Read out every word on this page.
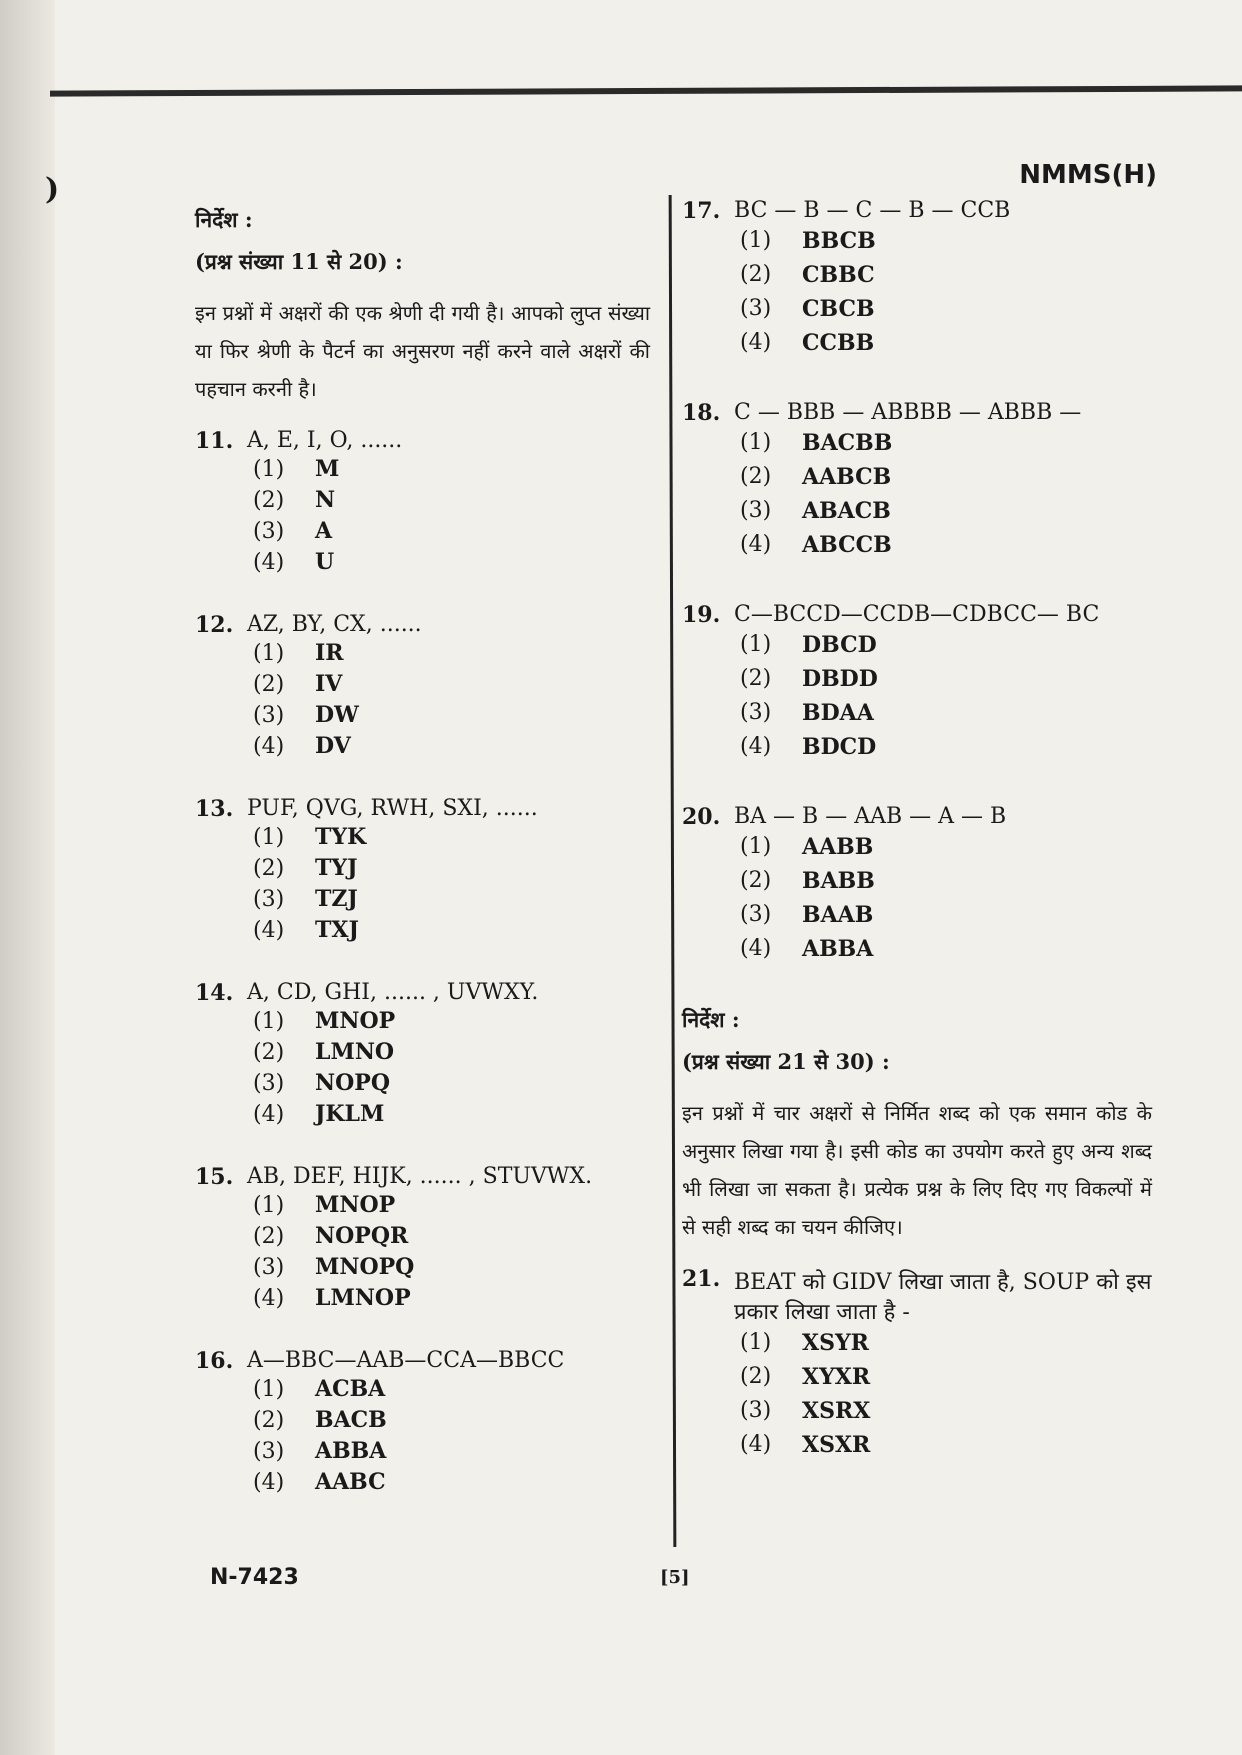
)	NMMS(H)
निर्देश :
(प्रश्न संख्या 11 से 20) :
इन प्रश्नों में अक्षरों की एक श्रेणी दी गयी है। आपको लुप्त संख्या या फिर श्रेणी के पैटर्न का अनुसरण नहीं करने वाले अक्षरों की पहचान करनी है।
11. A, E, I, O, ......
(1)	M
(2)	N
(3)	A
(4)	U
12. AZ, BY, CX, ......
(1)	IR
(2)	IV
(3)	DW
(4)	DV
13. PUF, QVG, RWH, SXI, ......
(1)	TYK
(2)	TYJ
(3)	TZJ
(4)	TXJ
14. A, CD, GHI, ...... , UVWXY.
(1)	MNOP
(2)	LMNO
(3)	NOPQ
(4)	JKLM
15. AB, DEF, HIJK, ...... , STUVWX.
(1)	MNOP
(2)	NOPQR
(3)	MNOPQ
(4)	LMNOP
16. A—BBC—AAB—CCA—BBCC
(1)	ACBA
(2)	BACB
(3)	ABBA
(4)	AABC
17. BC — B — C — B — CCB
(1)	BBCB
(2)	CBBC
(3)	CBCB
(4)	CCBB
18. C — BBB — ABBBB — ABBB —
(1)	BACBB
(2)	AABCB
(3)	ABACB
(4)	ABCCB
19. C—BCCD—CCDB—CDBCC— BC
(1)	DBCD
(2)	DBDD
(3)	BDAA
(4)	BDCD
20. BA — B — AAB — A — B
(1)	AABB
(2)	BABB
(3)	BAAB
(4)	ABBA
निर्देश :
(प्रश्न संख्या 21 से 30) :
इन प्रश्नों में चार अक्षरों से निर्मित शब्द को एक समान कोड के अनुसार लिखा गया है। इसी कोड का उपयोग करते हुए अन्य शब्द भी लिखा जा सकता है। प्रत्येक प्रश्न के लिए दिए गए विकल्पों में से सही शब्द का चयन कीजिए।
21. BEAT को GIDV लिखा जाता है, SOUP को इस प्रकार लिखा जाता है -
(1)	XSYR
(2)	XYXR
(3)	XSRX
(4)	XSXR
N-7423	[5]
